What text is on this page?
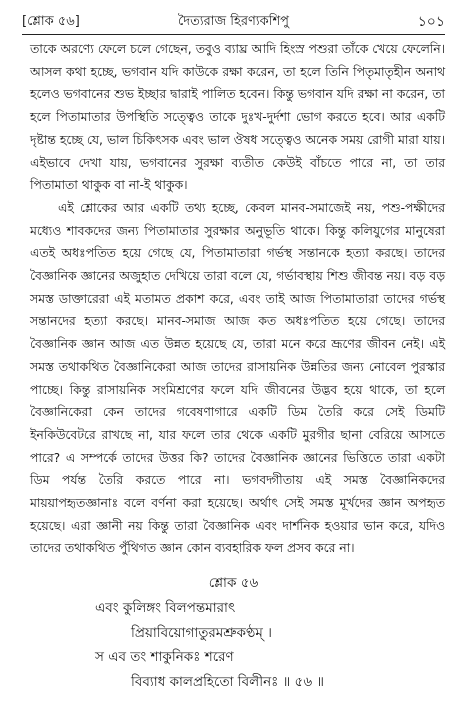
[শ্লোক ৫৬]	দৈত্যরাজ হিরণ্যকশিপু	১০১

তাকে অরণ্যে ফেলে চলে গেছেন, তবুও ব্যাঘ্র আদি হিংস্র পশুরা তাঁকে খেয়ে ফেলেনি। আসল কথা হচ্ছে, ভগবান যদি কাউকে রক্ষা করেন, তা হলে তিনি পিতৃমাতৃহীন অনাথ হলেও ভগবানের শুভ ইচ্ছার দ্বারাই পালিত হবেন। কিন্তু ভগবান যদি রক্ষা না করেন, তা হলে পিতামাতার উপস্থিতি সত্ত্বেও তাকে দুঃখ-দুর্দশা ভোগ করতে হবে। আর একটি দৃষ্টান্ত হচ্ছে যে, ভাল চিকিৎসক এবং ভাল ঔষধ সত্ত্বেও অনেক সময় রোগী মারা যায়। এইভাবে দেখা যায়, ভগবানের সুরক্ষা ব্যতীত কেউই বাঁচতে পারে না, তা তার পিতামাতা থাকুক বা না-ই থাকুক।

এই শ্লোকের আর একটি তথ্য হচ্ছে, কেবল মানব-সমাজেই নয়, পশু-পক্ষীদের মধ্যেও শাবকদের জন্য পিতামাতার সুরক্ষার অনুভূতি থাকে। কিন্তু কলিযুগের মানুষেরা এতই অধঃপতিত হয়ে গেছে যে, পিতামাতারা গর্ভস্থ সন্তানকে হত্যা করছে। তাদের বৈজ্ঞানিক জ্ঞানের অজুহাত দেখিয়ে তারা বলে যে, গর্ভাবস্থায় শিশু জীবন্ত নয়। বড় বড় সমস্ত ডাক্তারেরা এই মতামত প্রকাশ করে, এবং তাই আজ পিতামাতারা তাদের গর্ভস্থ সন্তানদের হত্যা করছে। মানব-সমাজ আজ কত অধঃপতিত হয়ে গেছে। তাদের বৈজ্ঞানিক জ্ঞান আজ এত উন্নত হয়েছে যে, তারা মনে করে ভ্রূণের জীবন নেই। এই সমস্ত তথাকথিত বৈজ্ঞানিকেরা আজ তাদের রাসায়নিক উন্নতির জন্য নোবেল পুরস্কার পাচ্ছে। কিন্তু রাসায়নিক সংমিশ্রণের ফলে যদি জীবনের উদ্ভব হয়ে থাকে, তা হলে বৈজ্ঞানিকেরা কেন তাদের গবেষণাগারে একটি ডিম তৈরি করে সেই ডিমটি ইনকিউবেটরে রাখছে না, যার ফলে তার থেকে একটি মুরগীর ছানা বেরিয়ে আসতে পারে? এ সম্পর্কে তাদের উত্তর কি? তাদের বৈজ্ঞানিক জ্ঞানের ভিত্তিতে তারা একটা ডিম পর্যন্ত তৈরি করতে পারে না। ভগবদ্গীতায় এই সমস্ত বৈজ্ঞানিকদের মায়য়াপহৃতজ্ঞানাঃ বলে বর্ণনা করা হয়েছে। অর্থাৎ সেই সমস্ত মূর্খদের জ্ঞান অপহৃত হয়েছে। এরা জ্ঞানী নয় কিন্তু তারা বৈজ্ঞানিক এবং দার্শনিক হওয়ার ভান করে, যদিও তাদের তথাকথিত পুঁথিগত জ্ঞান কোন ব্যবহারিক ফল প্রসব করে না।

শ্লোক ৫৬
এবং কুলিঙ্গং বিলপন্তমারাৎ
প্রিয়াবিয়োগাতুরমশ্রুকণ্ঠম্ ।
স এব তং শাকুনিকঃ শরেণ
বিব্যাধ কালপ্রহিতো বিলীনঃ ॥ ৫৬ ॥
